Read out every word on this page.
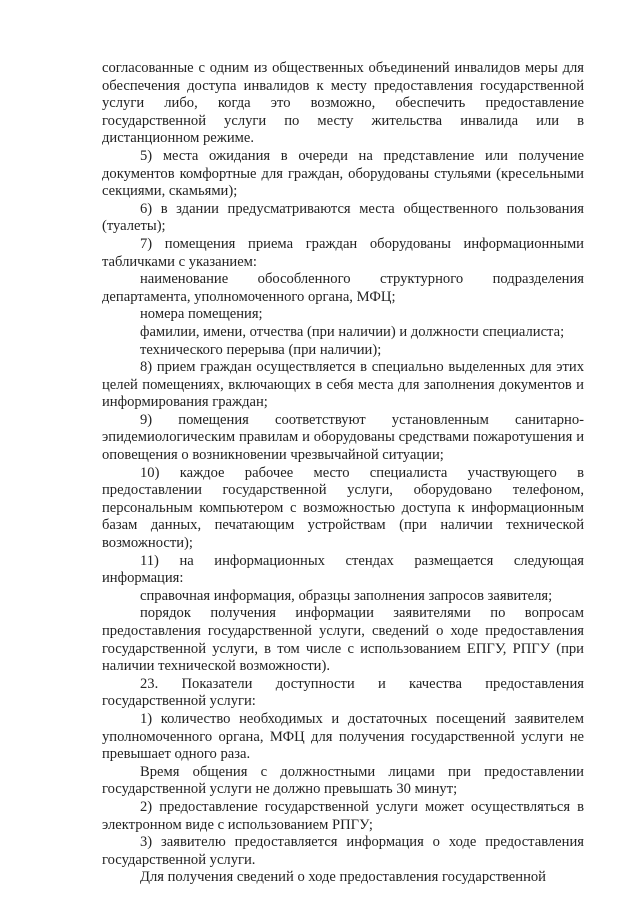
согласованные с одним из общественных объединений инвалидов меры для обеспечения доступа инвалидов к месту предоставления государственной услуги либо, когда это возможно, обеспечить предоставление государственной услуги по месту жительства инвалида или в дистанционном режиме.

5) места ожидания в очереди на представление или получение документов комфортные для граждан, оборудованы стульями (кресельными секциями, скамьями);

6) в здании предусматриваются места общественного пользования (туалеты);

7) помещения приема граждан оборудованы информационными табличками с указанием:

наименование обособленного структурного подразделения департамента, уполномоченного органа, МФЦ;

номера помещения;

фамилии, имени, отчества (при наличии) и должности специалиста;

технического перерыва (при наличии);

8) прием граждан осуществляется в специально выделенных для этих целей помещениях, включающих в себя места для заполнения документов и информирования граждан;

9) помещения соответствуют установленным санитарно-эпидемиологическим правилам и оборудованы средствами пожаротушения и оповещения о возникновении чрезвычайной ситуации;

10) каждое рабочее место специалиста участвующего в предоставлении государственной услуги, оборудовано телефоном, персональным компьютером с возможностью доступа к информационным базам данных, печатающим устройствам (при наличии технической возможности);

11) на информационных стендах размещается следующая информация:

справочная информация, образцы заполнения запросов заявителя;

порядок получения информации заявителями по вопросам предоставления государственной услуги, сведений о ходе предоставления государственной услуги, в том числе с использованием ЕПГУ, РПГУ (при наличии технической возможности).

23. Показатели доступности и качества предоставления государственной услуги:

1) количество необходимых и достаточных посещений заявителем уполномоченного органа, МФЦ для получения государственной услуги не превышает одного раза.

Время общения с должностными лицами при предоставлении государственной услуги не должно превышать 30 минут;

2) предоставление государственной услуги может осуществляться в электронном виде с использованием РПГУ;

3) заявителю предоставляется информация о ходе предоставления государственной услуги.

Для получения сведений о ходе предоставления государственной
